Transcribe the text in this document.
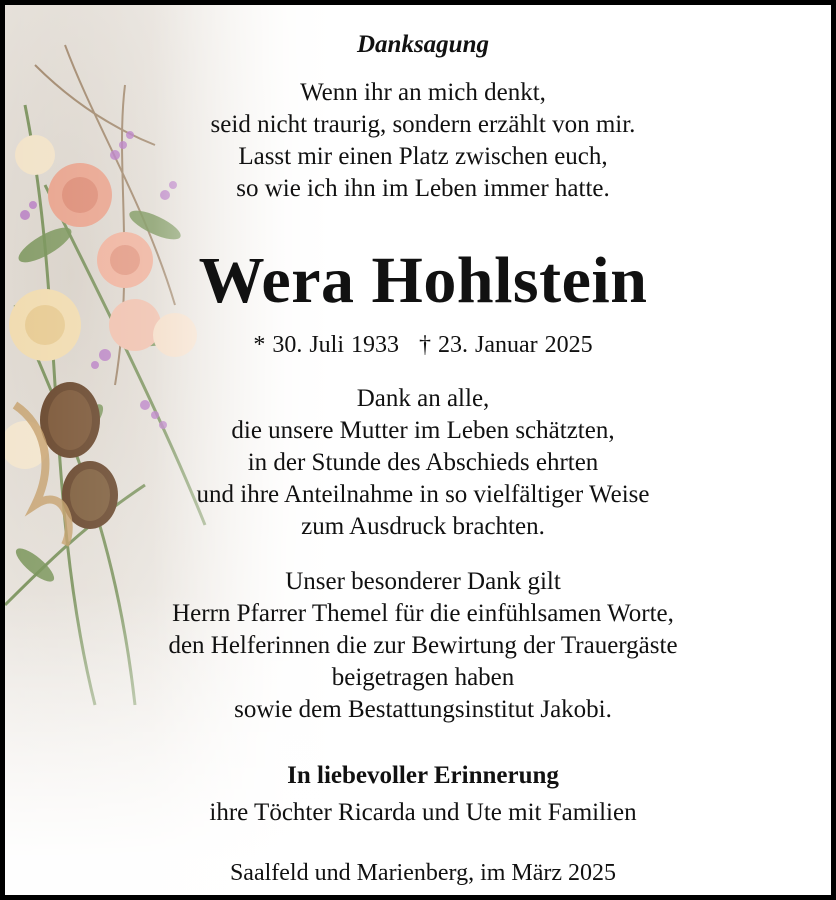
Danksagung
Wenn ihr an mich denkt,
seid nicht traurig, sondern erzählt von mir.
Lasst mir einen Platz zwischen euch,
so wie ich ihn im Leben immer hatte.
Wera Hohlstein
* 30. Juli 1933 † 23. Januar 2025
Dank an alle,
die unsere Mutter im Leben schätzten,
in der Stunde des Abschieds ehrten
und ihre Anteilnahme in so vielfältiger Weise
zum Ausdruck brachten.
Unser besonderer Dank gilt
Herrn Pfarrer Themel für die einfühlsamen Worte,
den Helferinnen die zur Bewirtung der Trauergäste
beigetragen haben
sowie dem Bestattungsinstitut Jakobi.
In liebevoller Erinnerung
ihre Töchter Ricarda und Ute mit Familien
Saalfeld und Marienberg, im März 2025
